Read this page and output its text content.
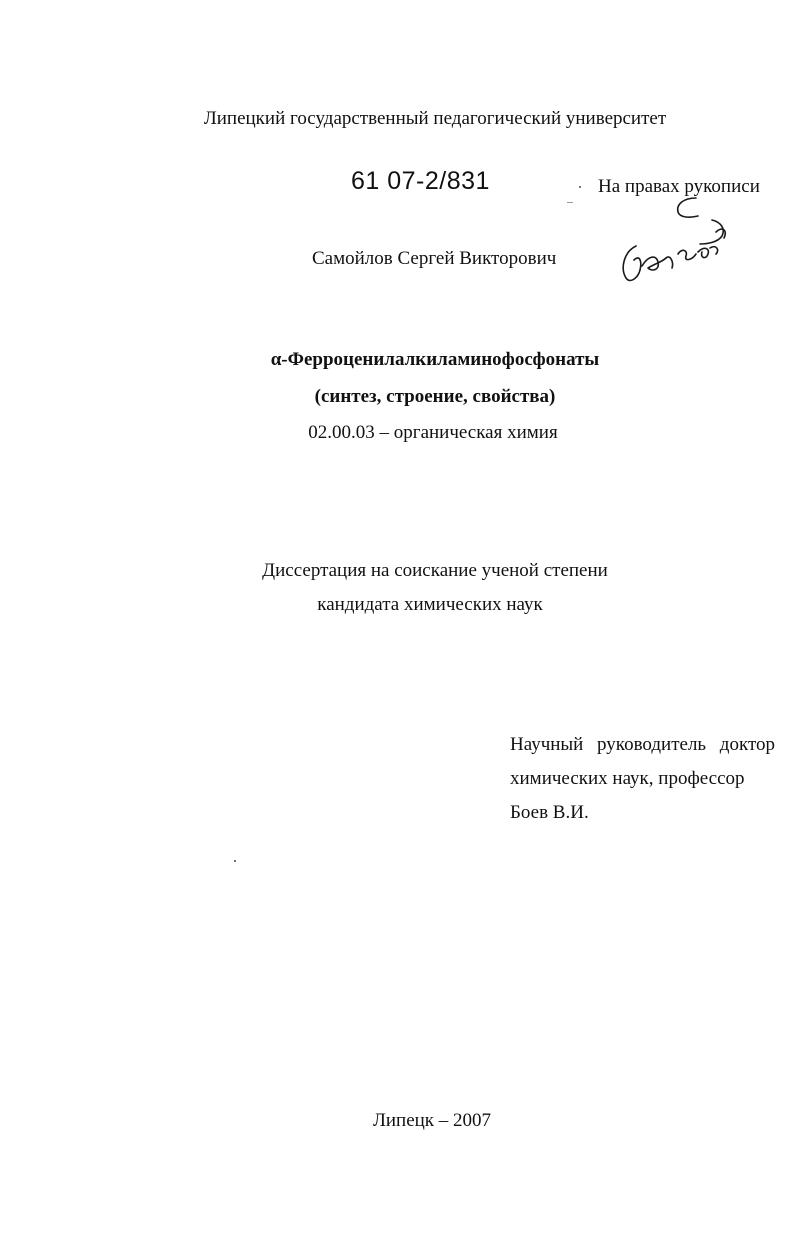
Липецкий государственный педагогический университет
61 07-2/831	На правах рукописи
Самойлов Сергей Викторович
α-Ферроценилалкиламинофосфонаты
(синтез, строение, свойства)
02.00.03 – органическая химия
Диссертация на соискание ученой степени
кандидата химических наук
Научный руководитель доктор химических наук, профессор
Боев В.И.
Липецк – 2007
